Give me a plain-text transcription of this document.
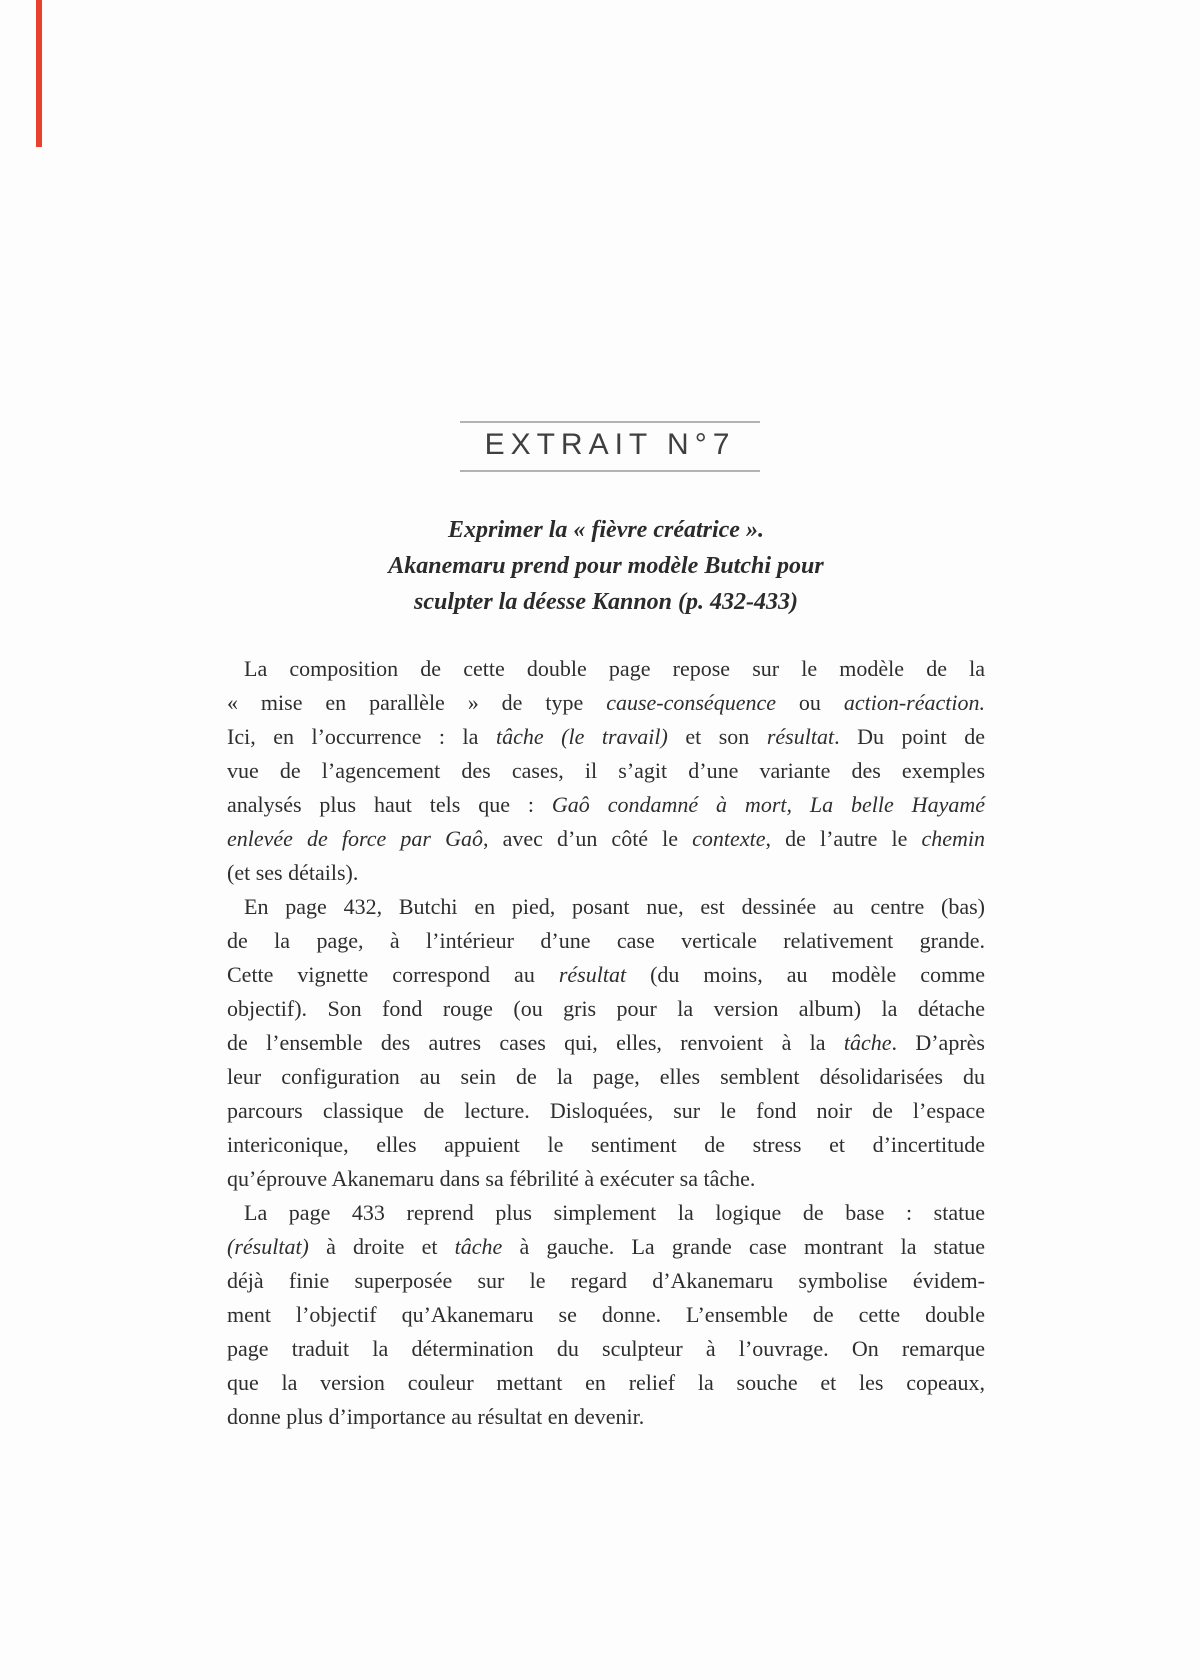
EXTRAIT N°7
Exprimer la « fièvre créatrice ».
Akanemaru prend pour modèle Butchi pour
sculpter la déesse Kannon (p. 432-433)
La composition de cette double page repose sur le modèle de la
« mise en parallèle » de type cause-conséquence ou action-réaction.
Ici, en l’occurrence : la tâche (le travail) et son résultat. Du point de
vue de l’agencement des cases, il s’agit d’une variante des exemples
analysés plus haut tels que : Gaô condamné à mort, La belle Hayamé
enlevée de force par Gaô, avec d’un côté le contexte, de l’autre le chemin
(et ses détails).
En page 432, Butchi en pied, posant nue, est dessinée au centre (bas)
de la page, à l’intérieur d’une case verticale relativement grande.
Cette vignette correspond au résultat (du moins, au modèle comme
objectif). Son fond rouge (ou gris pour la version album) la détache
de l’ensemble des autres cases qui, elles, renvoient à la tâche. D’après
leur configuration au sein de la page, elles semblent désolidarisées du
parcours classique de lecture. Disloquées, sur le fond noir de l’espace
intericonique, elles appuient le sentiment de stress et d’incertitude
qu’éprouve Akanemaru dans sa fébrilité à exécuter sa tâche.
La page 433 reprend plus simplement la logique de base : statue
(résultat) à droite et tâche à gauche. La grande case montrant la statue
déjà finie superposée sur le regard d’Akanemaru symbolise évidem-
ment l’objectif qu’Akanemaru se donne. L’ensemble de cette double
page traduit la détermination du sculpteur à l’ouvrage. On remarque
que la version couleur mettant en relief la souche et les copeaux,
donne plus d’importance au résultat en devenir.
